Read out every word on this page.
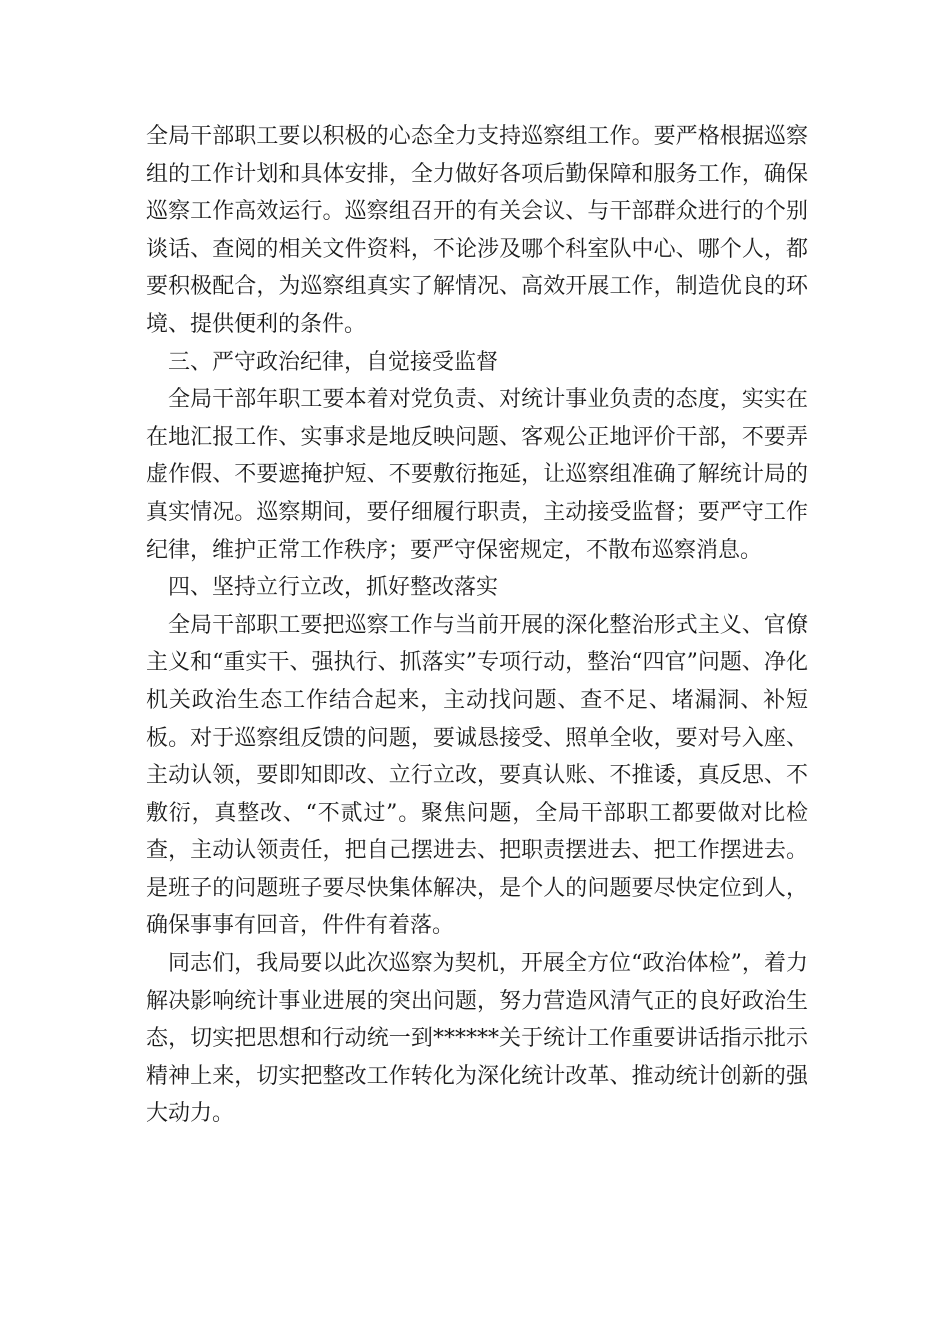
全局干部职工要以积极的心态全力支持巡察组工作。要严格根据巡察组的工作计划和具体安排，全力做好各项后勤保障和服务工作，确保巡察工作高效运行。巡察组召开的有关会议、与干部群众进行的个别谈话、查阅的相关文件资料，不论涉及哪个科室队中心、哪个人，都要积极配合，为巡察组真实了解情况、高效开展工作，制造优良的环境、提供便利的条件。

三、严守政治纪律，自觉接受监督

全局干部年职工要本着对党负责、对统计事业负责的态度，实实在在地汇报工作、实事求是地反映问题、客观公正地评价干部，不要弄虚作假、不要遮掩护短、不要敷衍拖延，让巡察组准确了解统计局的真实情况。巡察期间，要仔细履行职责，主动接受监督；要严守工作纪律，维护正常工作秩序；要严守保密规定，不散布巡察消息。

四、坚持立行立改，抓好整改落实

全局干部职工要把巡察工作与当前开展的深化整治形式主义、官僚主义和“重实干、强执行、抓落实”专项行动，整治“四官”问题、净化机关政治生态工作结合起来，主动找问题、查不足、堵漏洞、补短板。对于巡察组反馈的问题，要诚恳接受、照单全收，要对号入座、主动认领，要即知即改、立行立改，要真认账、不推诿，真反思、不敷衍，真整改、“不贰过”。聚焦问题，全局干部职工都要做对比检查，主动认领责任，把自己摆进去、把职责摆进去、把工作摆进去。是班子的问题班子要尽快集体解决，是个人的问题要尽快定位到人，确保事事有回音，件件有着落。

同志们，我局要以此次巡察为契机，开展全方位“政治体检”，着力解决影响统计事业进展的突出问题，努力营造风清气正的良好政治生态，切实把思想和行动统一到******关于统计工作重要讲话指示批示精神上来，切实把整改工作转化为深化统计改革、推动统计创新的强大动力。
